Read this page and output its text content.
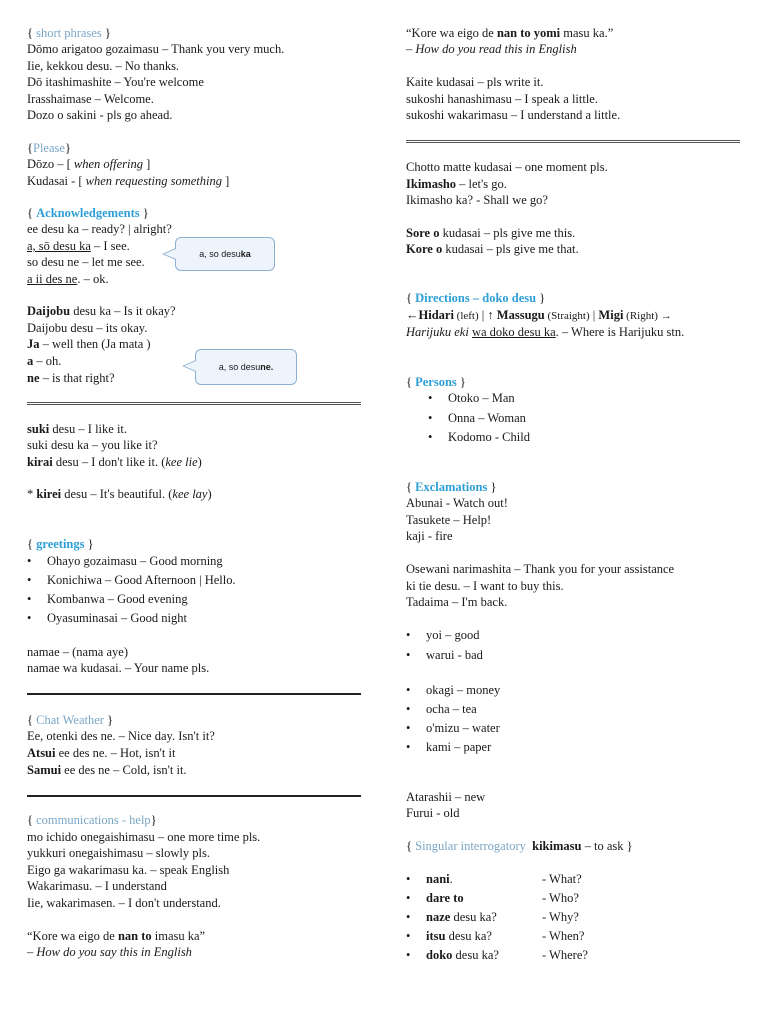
{ short phrases }
Dōmo arigatoo gozaimasu – Thank you very much.
Iie, kekkou desu. – No thanks.
Dō itashimashite – You're welcome
Irasshaimase – Welcome.
Dozo o sakini - pls go ahead.
{Please}
Dōzo – [ when offering ]
Kudasai - [ when requesting something ]
{ Acknowledgements }
ee desu ka – ready? | alright?
a, sō desu ka – I see.
so desu ne – let me see.
a ii des ne. – ok.
a, so desu ka
Daijobu desu ka – Is it okay?
Daijobu desu – its okay.
Ja – well then (Ja mata )
a – oh.
ne – is that right?
a, so desu ne.
suki desu – I like it.
suki desu ka – you like it?
kirai desu – I don't like it. (kee lie)
* kirei desu – It's beautiful. (kee lay)
{ greetings }
•     Ohayo gozaimasu – Good morning
•     Konichiwa – Good Afternoon | Hello.
•     Kombanwa – Good evening
•     Oyasuminasai – Good night
namae – (nama aye)
namae wa kudasai. – Your name pls.
{ Chat Weather }
Ee, otenki des ne. – Nice day. Isn't it?
Atsui ee des ne. – Hot, isn't it
Samui ee des ne – Cold, isn't it.
{ communications - help}
mo ichido onegaishimasu – one more time pls.
yukkuri onegaishimasu – slowly pls.
Eigo ga wakarimasu ka. – speak English
Wakarimasu. – I understand
Iie, wakarimasen. – I don't understand.
“Kore wa eigo de nan to imasu ka”
– How do you say this in English
“Kore wa eigo de nan to yomi masu ka.”
– How do you read this in English
Kaite kudasai – pls write it.
sukoshi hanashimasu – I speak a little.
sukoshi wakarimasu – I understand a little.
Chotto matte kudasai – one moment pls.
Ikimasho – let's go.
Ikimasho ka? - Shall we go?
Sore o kudasai – pls give me this.
Kore o kudasai – pls give me that.
{ Directions – doko desu }
←Hidari (left) | ↑ Massugu (Straight) | Migi (Right) →
Harijuku eki wa doko desu ka. – Where is Harijuku stn.
{ Persons }
•     Otoko – Man
•     Onna – Woman
•     Kodomo - Child
{ Exclamations }
Abunai - Watch out!
Tasukete – Help!
kaji - fire
Osewani narimashita – Thank you for your assistance
ki tie desu. – I want to buy this.
Tadaima – I'm back.
•     yoi – good
•     warui - bad
•     okagi – money
•     ocha – tea
•     o'mizu – water
•     kami – paper
Atarashii – new
Furui - old
{ Singular interrogatory kikimasu – to ask }
•     nani.	- What?
•     dare to	- Who?
•     naze desu ka?	- Why?
•     itsu desu ka?	- When?
•     doko desu ka?	- Where?
